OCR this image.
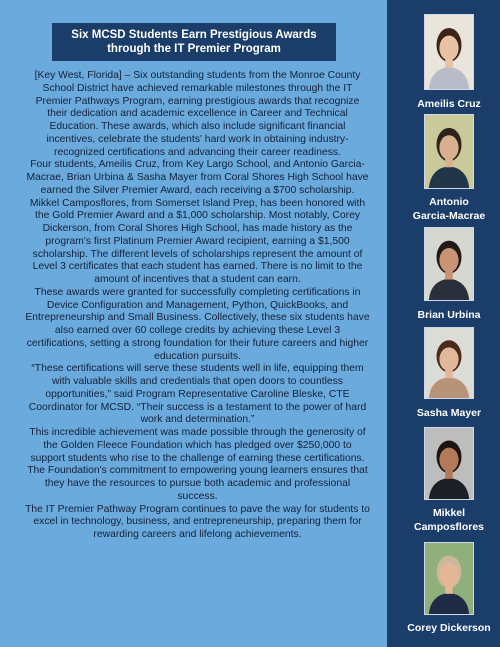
Six MCSD Students Earn Prestigious Awards
through the IT Premier Program

[Key West, Florida] – Six outstanding students from the Monroe County School District have achieved remarkable milestones through the IT Premier Pathways Program, earning prestigious awards that recognize their dedication and academic excellence in Career and Technical Education. These awards, which also include significant financial incentives, celebrate the students' hard work in obtaining industry-recognized certifications and advancing their career readiness.

Four students, Ameilis Cruz, from Key Largo School, and Antonio Garcia-Macrae, Brian Urbina & Sasha Mayer from Coral Shores High School have earned the Silver Premier Award, each receiving a $700 scholarship. Mikkel Camposflores, from Somerset Island Prep, has been honored with the Gold Premier Award and a $1,000 scholarship. Most notably, Corey Dickerson, from Coral Shores High School, has made history as the program's first Platinum Premier Award recipient, earning a $1,500 scholarship. The different levels of scholarships represent the amount of Level 3 certificates that each student has earned. There is no limit to the amount of incentives that a student can earn.

These awards were granted for successfully completing certifications in Device Configuration and Management, Python, QuickBooks, and Entrepreneurship and Small Business. Collectively, these six students have also earned over 60 college credits by achieving these Level 3 certifications, setting a strong foundation for their future careers and higher education pursuits.

“These certifications will serve these students well in life, equipping them with valuable skills and credentials that open doors to countless opportunities,” said Program Representative Caroline Bleske, CTE Coordinator for MCSD. “Their success is a testament to the power of hard work and determination.”

This incredible achievement was made possible through the generosity of the Golden Fleece Foundation which has pledged over $250,000 to support students who rise to the challenge of earning these certifications. The Foundation's commitment to empowering young learners ensures that they have the resources to pursue both academic and professional success.

The IT Premier Pathway Program continues to pave the way for students to excel in technology, business, and entrepreneurship, preparing them for rewarding careers and lifelong achievements.

Ameilis Cruz
Antonio
Garcia-Macrae
Brian Urbina
Sasha Mayer
Mikkel
Camposflores
Corey Dickerson
